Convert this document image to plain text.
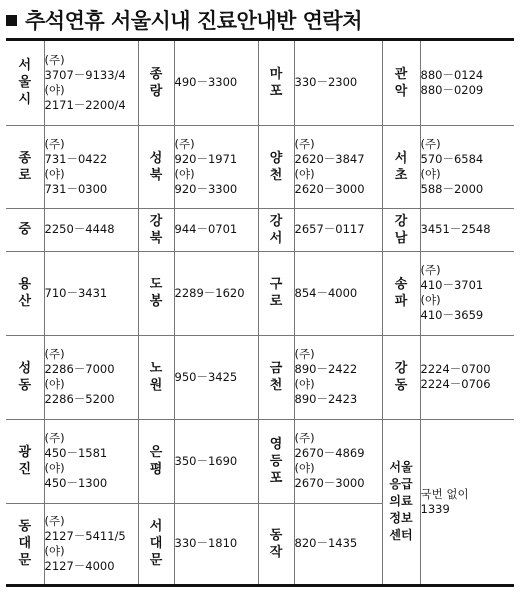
추석연휴 서울시내 진료안내반 연락처
서울시	(주)
3707－9133/4
(야)
2171－2200/4	종랑	490－3300	마포	330－2300	관악	880－0124
880－0209

종로	(주)
731－0422
(야)
731－0300	성북	(주)
920－1971
(야)
920－3300	양천	(주)
2620－3847
(야)
2620－3000	서초	(주)
570－6584
(야)
588－2000

중	2250－4448	강북	944－0701	강서	2657－0117	강남	3451－2548

용산	710－3431	도봉	2289－1620	구로	854－4000	송파	(주)
410－3701
(야)
410－3659

성동	(주)
2286－7000
(야)
2286－5200	노원	950－3425	금천	(주)
890－2422
(야)
890－2423	강동	2224－0700
2224－0706

광진	(주)
450－1581
(야)
450－1300	은평	350－1690	영등포	(주)
2670－4869
(야)
2670－3000	서울
응급
의료
정보
센터	국번 없이
1339

동대문	(주)
2127－5411/5
(야)
2127－4000	서대문	330－1810	동작	820－1435		
